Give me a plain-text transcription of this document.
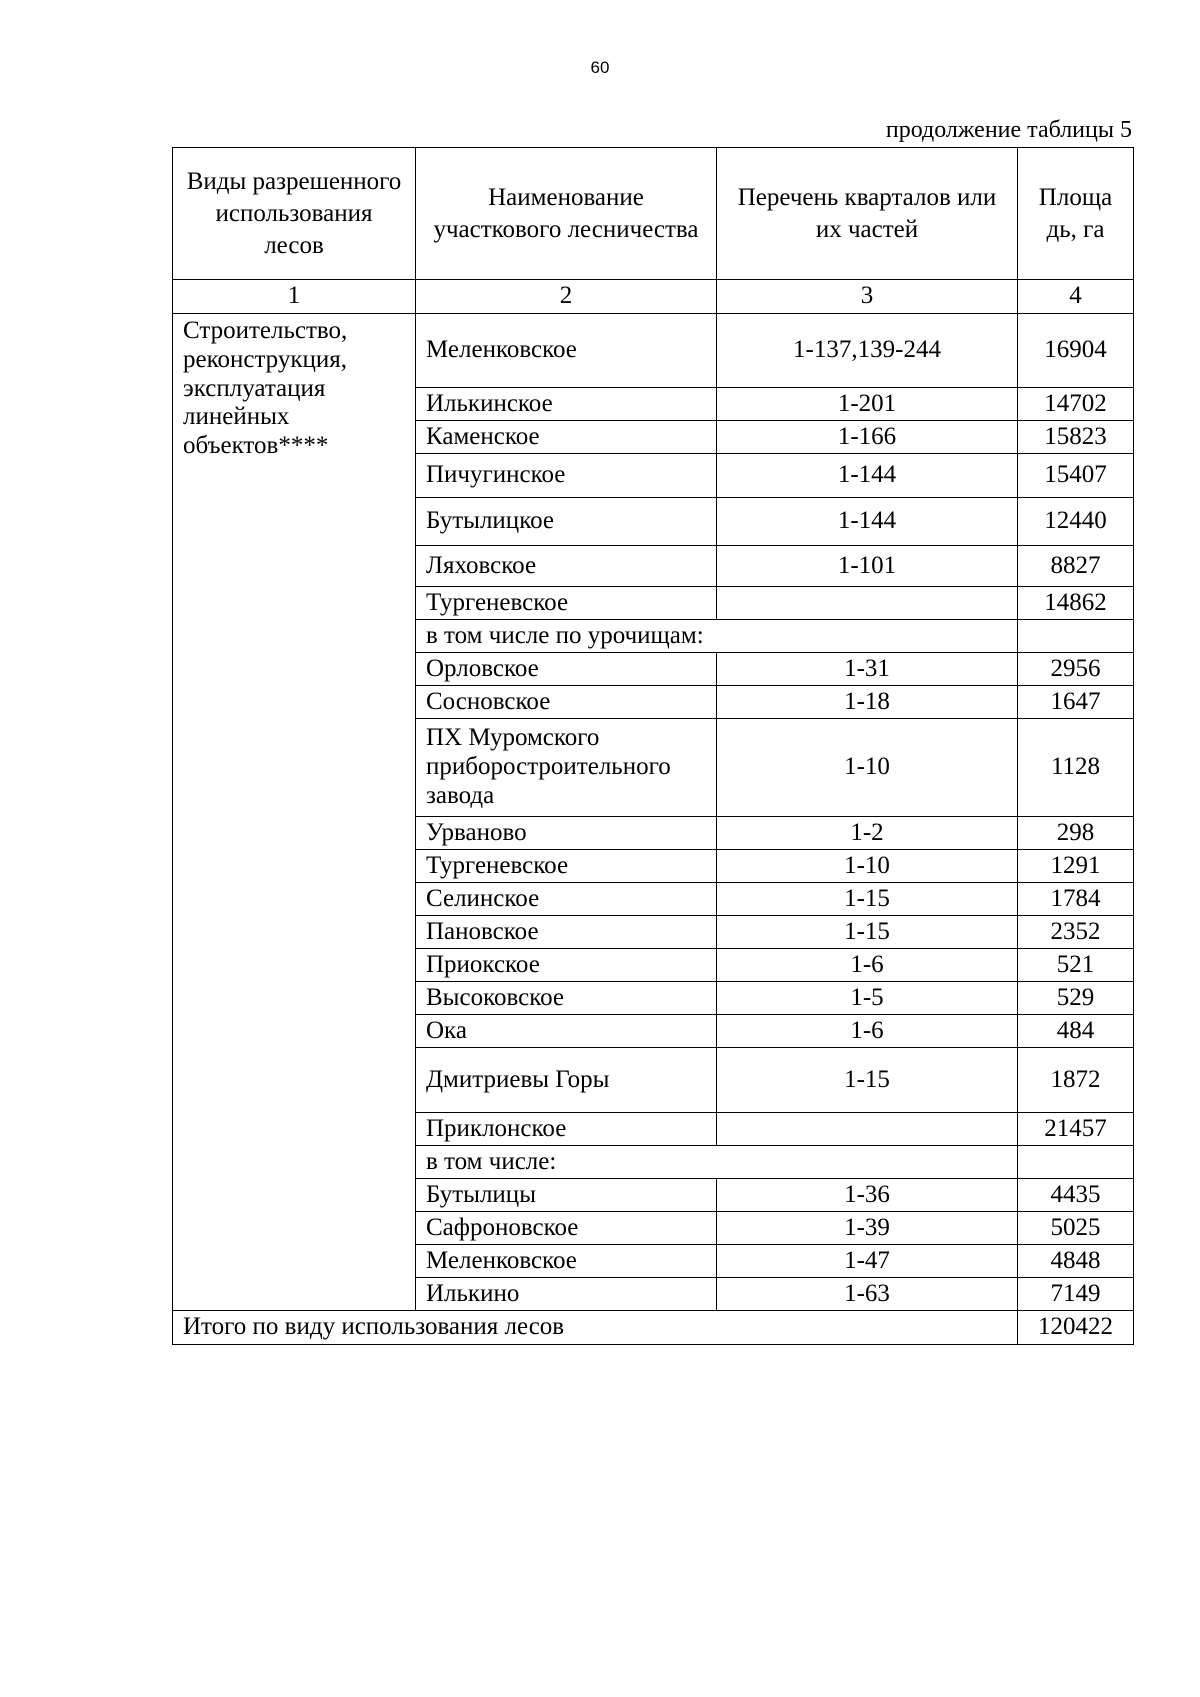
60
продолжение таблицы 5
Виды разрешенного использования лесов	Наименование участкового лесничества	Перечень кварталов или их частей	Площа дь, га
1	2	3	4
Строительство, реконструкция, эксплуатация линейных объектов****	Меленковское	1-137,139-244	16904
	Илькинское	1-201	14702
	Каменское	1-166	15823
	Пичугинское	1-144	15407
	Бутылицкое	1-144	12440
	Ляховское	1-101	8827
	Тургеневское		14862
	в том числе по урочищам:		
	Орловское	1-31	2956
	Сосновское	1-18	1647
	ПХ Муромского приборостроительного завода	1-10	1128
	Урваново	1-2	298
	Тургеневское	1-10	1291
	Селинское	1-15	1784
	Пановское	1-15	2352
	Приокское	1-6	521
	Высоковское	1-5	529
	Ока	1-6	484
	Дмитриевы Горы	1-15	1872
	Приклонское		21457
	в том числе:		
	Бутылицы	1-36	4435
	Сафроновское	1-39	5025
	Меленковское	1-47	4848
	Илькино	1-63	7149
Итого по виду использования лесов			120422
